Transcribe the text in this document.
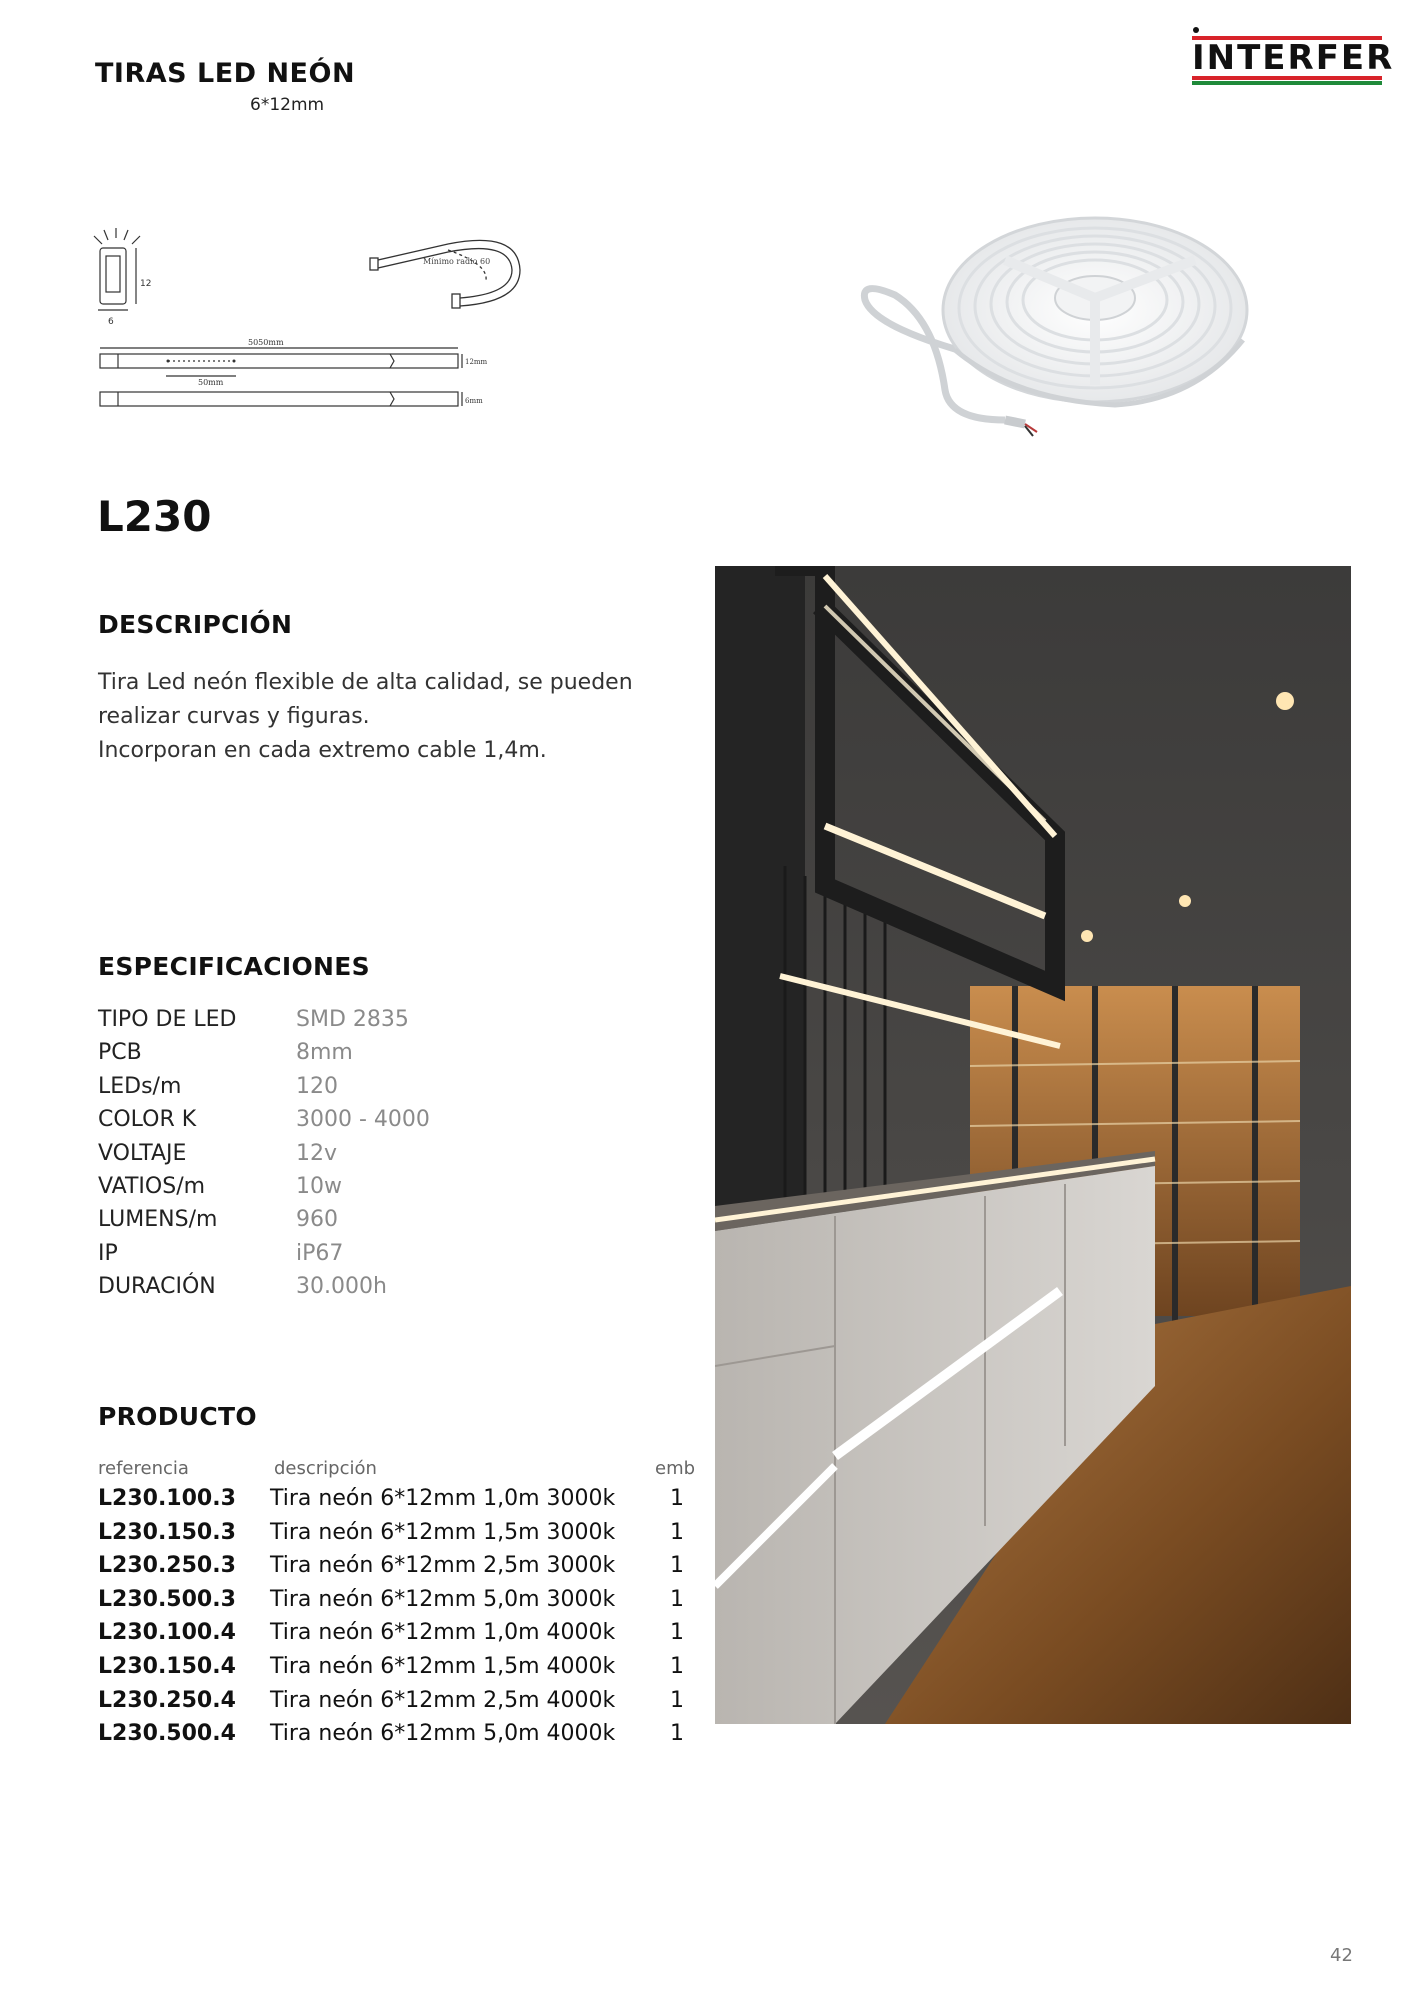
TIRAS LED NEÓN
6*12mm
INTERFER
6
12
Mínimo radio 60
5050mm
50mm
12mm
6mm
L230
DESCRIPCIÓN
Tira Led neón flexible de alta calidad, se pueden
realizar curvas y figuras.
Incorporan en cada extremo cable 1,4m.
ESPECIFICACIONES
TIPO DE LED	SMD 2835
PCB	8mm
LEDs/m	120
COLOR K	3000 - 4000
VOLTAJE	12v
VATIOS/m	10w
LUMENS/m	960
IP	iP67
DURACIÓN	30.000h
PRODUCTO
referencia	descripción	emb
L230.100.3 Tira neón 6*12mm 1,0m 3000k 1
L230.150.3 Tira neón 6*12mm 1,5m 3000k 1
L230.250.3 Tira neón 6*12mm 2,5m 3000k 1
L230.500.3 Tira neón 6*12mm 5,0m 3000k 1
L230.100.4 Tira neón 6*12mm 1,0m 4000k 1
L230.150.4 Tira neón 6*12mm 1,5m 4000k 1
L230.250.4 Tira neón 6*12mm 2,5m 4000k 1
L230.500.4 Tira neón 6*12mm 5,0m 4000k 1
42
